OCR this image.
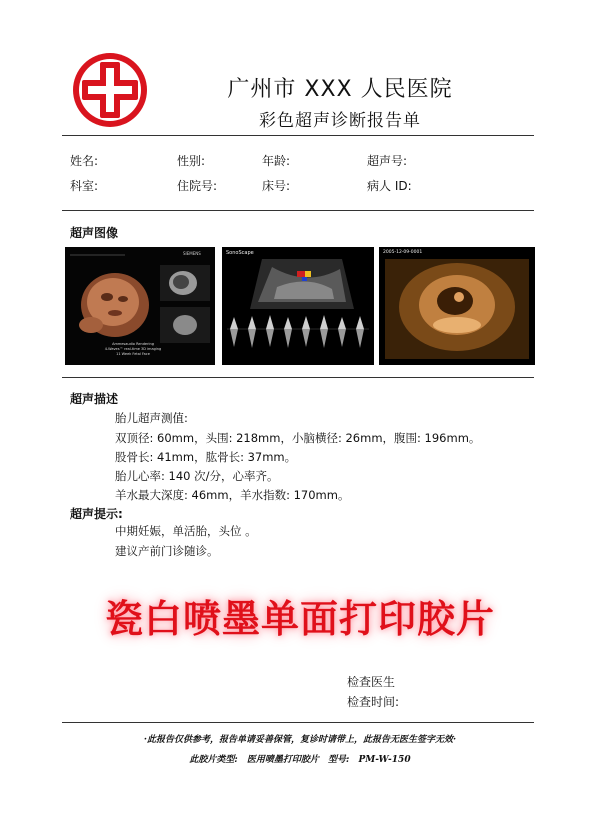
广州市 XXX 人民医院
彩色超声诊断报告单
姓名:	性别:	年龄:	超声号:
科室:	住院号:	床号:	病人 ID:
超声图像
SIEMENS
Ammesaudio Rendering
4-Waves™ real-time 3D imaging
11 Week Fetal Face
SonoScape	2005-12-09-0001
超声描述
胎儿超声测值:
双顶径: 60mm，头围: 218mm，小脑横径: 26mm，腹围: 196mm。
股骨长: 41mm，肱骨长: 37mm。
胎儿心率: 140 次/分，心率齐。
羊水最大深度: 46mm，羊水指数: 170mm。
超声提示:
中期妊娠，单活胎，头位 。
建议产前门诊随诊。
瓷白喷墨单面打印胶片
检查医生
检查时间:
·此报告仅供参考，报告单请妥善保管，复诊时请带上，此报告无医生签字无效·
此胶片类型: 医用喷墨打印胶片 型号: PM-W-150
